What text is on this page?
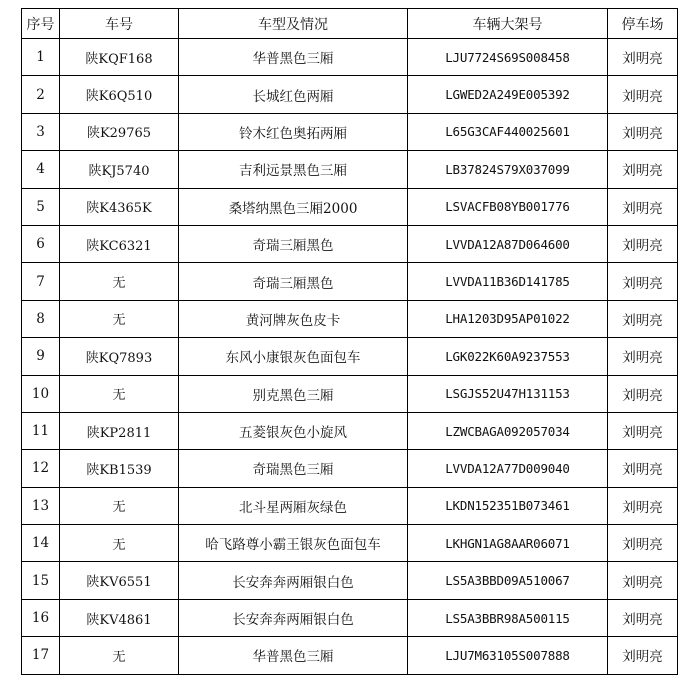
序号	车号	车型及情况	车辆大架号	停车场
1	陕KQF168	华普黑色三厢	LJU7724S69S008458	刘明亮
2	陕K6Q510	长城红色两厢	LGWED2A249E005392	刘明亮
3	陕K29765	铃木红色奥拓两厢	L65G3CAF440025601	刘明亮
4	陕KJ5740	吉利远景黑色三厢	LB37824S79X037099	刘明亮
5	陕K4365K	桑塔纳黑色三厢2000	LSVACFB08YB001776	刘明亮
6	陕KC6321	奇瑞三厢黑色	LVVDA12A87D064600	刘明亮
7	无	奇瑞三厢黑色	LVVDA11B36D141785	刘明亮
8	无	黄河牌灰色皮卡	LHA1203D95AP01022	刘明亮
9	陕KQ7893	东风小康银灰色面包车	LGK022K60A9237553	刘明亮
10	无	别克黑色三厢	LSGJS52U47H131153	刘明亮
11	陕KP2811	五菱银灰色小旋风	LZWCBAGA092057034	刘明亮
12	陕KB1539	奇瑞黑色三厢	LVVDA12A77D009040	刘明亮
13	无	北斗星两厢灰绿色	LKDN152351B073461	刘明亮
14	无	哈飞路尊小霸王银灰色面包车	LKHGN1AG8AAR06071	刘明亮
15	陕KV6551	长安奔奔两厢银白色	LS5A3BBD09A510067	刘明亮
16	陕KV4861	长安奔奔两厢银白色	LS5A3BBR98A500115	刘明亮
17	无	华普黑色三厢	LJU7M63105S007888	刘明亮
